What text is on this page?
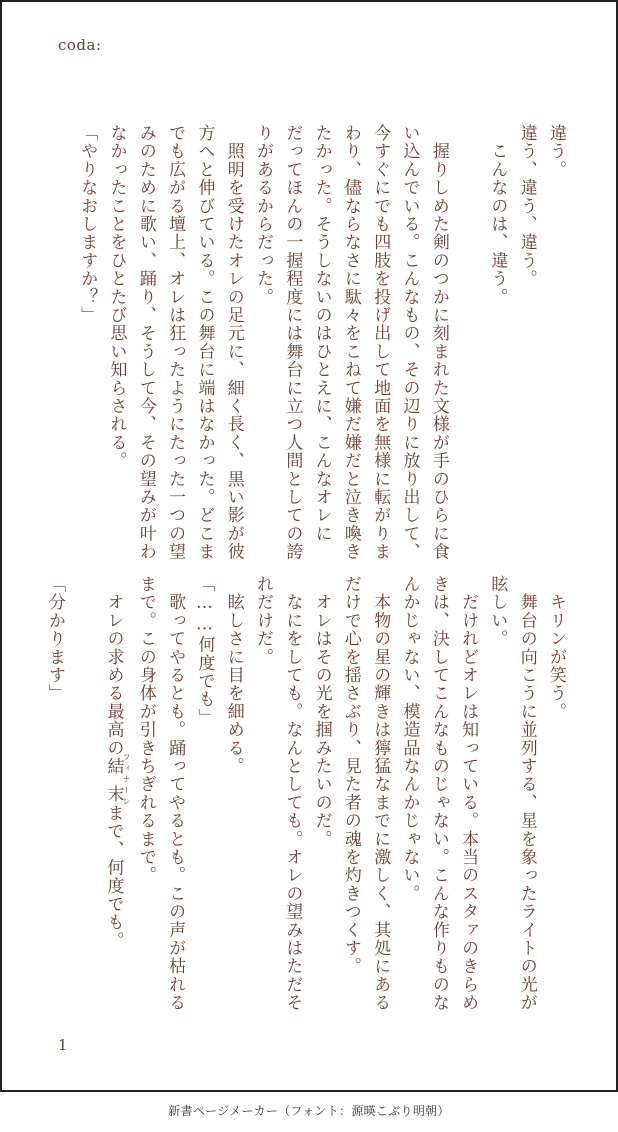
coda:
違う。
違う、違う、違う。
こんなのは、違う。
握りしめた剣のつかに刻まれた文様が手のひらに食
い込んでいる。こんなもの、その辺りに放り出して、
今すぐにでも四肢を投げ出して地面を無様に転がりま
わり、儘ならなさに駄々をこねて嫌だ嫌だと泣き喚き
たかった。そうしないのはひとえに、こんなオレに
だってほんの一握程度には舞台に立つ人間としての誇
りがあるからだった。
照明を受けたオレの足元に、細く長く、黒い影が彼
方へと伸びている。この舞台に端はなかった。どこま
でも広がる壇上、オレは狂ったようにたった一つの望
みのために歌い、踊り、そうして今、その望みが叶わ
なかったことをひとたび思い知らされる。
「やりなおしますか？」
キリンが笑う。
舞台の向こうに並列する、星を象ったライトの光が
眩しい。
だけれどオレは知っている。本当のスタァのきらめ
きは、決してこんなものじゃない。こんな作りものな
んかじゃない、模造品なんかじゃない。
本物の星の輝きは獰猛なまでに激しく、其処にある
だけで心を揺さぶり、見た者の魂を灼きつくす。
オレはその光を掴みたいのだ。
なにをしても。なんとしても。オレの望みはただそ
れだけだ。
眩しさに目を細める。
「……何度でも」
歌ってやるとも。踊ってやるとも。この声が枯れる
まで。この身体が引きちぎれるまで。
オレの求める最高の結末フィナーレまで、何度でも。
「分かります」
1
新書ページメーカー（フォント：源暎こぶり明朝）
